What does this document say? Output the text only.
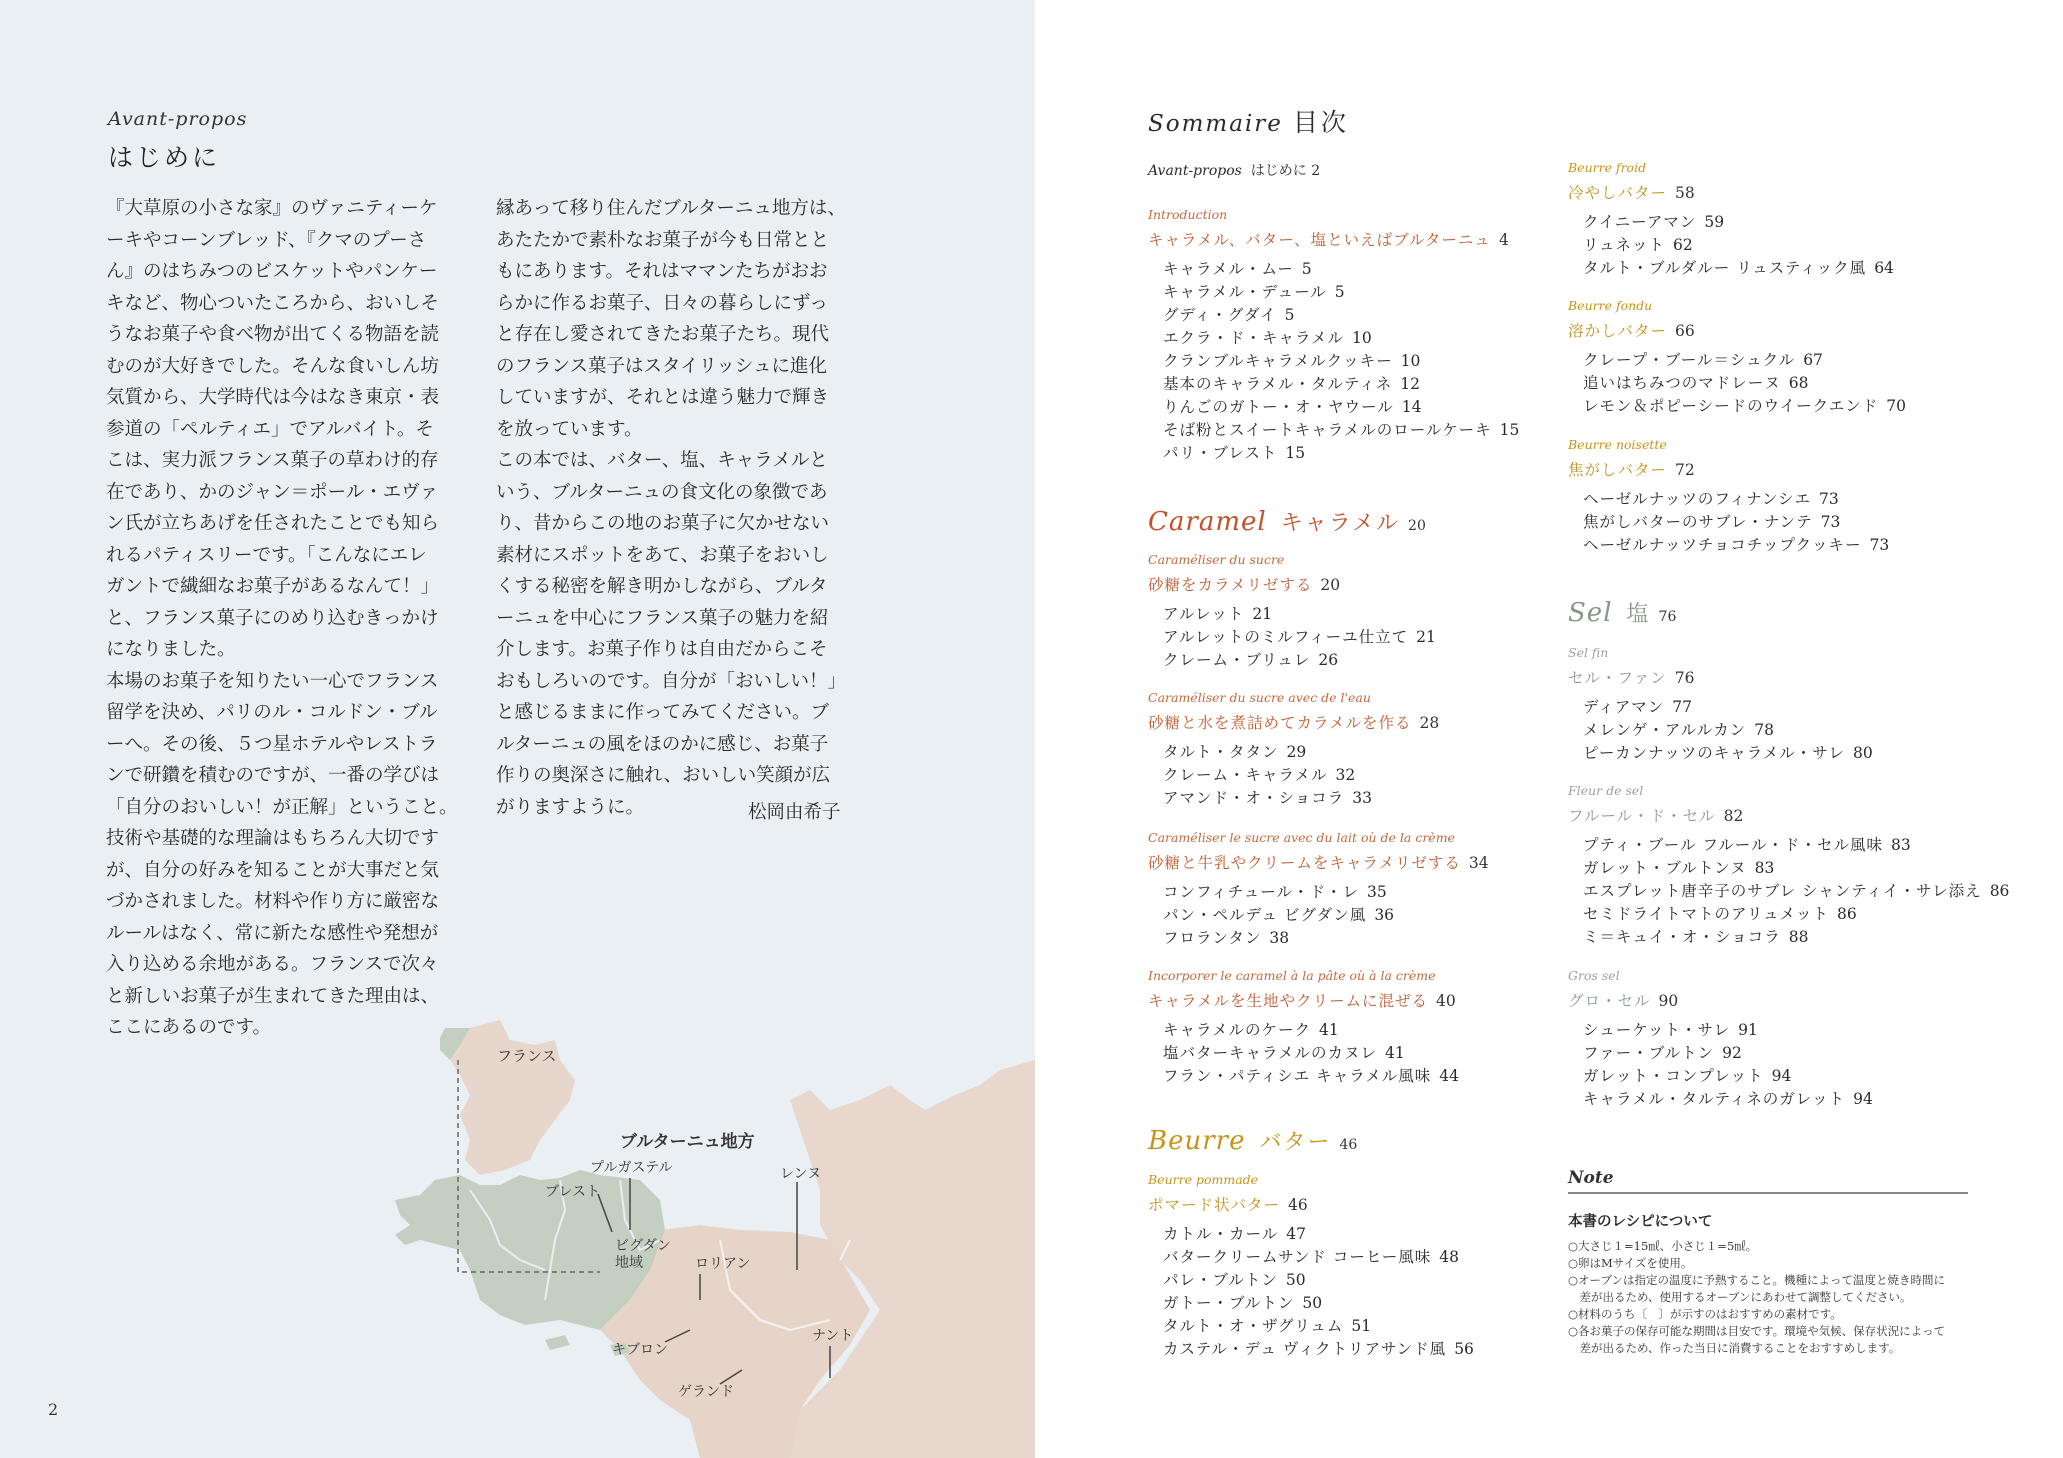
Avant-propos
はじめに
『大草原の小さな家』のヴァニティーケ
ーキやコーンブレッド、『クマのプーさ
ん』のはちみつのビスケットやパンケー
キなど、物心ついたころから、おいしそ
うなお菓子や食べ物が出てくる物語を読
むのが大好きでした。そんな食いしん坊
気質から、大学時代は今はなき東京・表
参道の「ペルティエ」でアルバイト。そ
こは、実力派フランス菓子の草わけ的存
在であり、かのジャン＝ポール・エヴァ
ン氏が立ちあげを任されたことでも知ら
れるパティスリーです。「こんなにエレ
ガントで繊細なお菓子があるなんて！」
と、フランス菓子にのめり込むきっかけ
になりました。
本場のお菓子を知りたい一心でフランス
留学を決め、パリのル・コルドン・ブル
ーへ。その後、５つ星ホテルやレストラ
ンで研鑽を積むのですが、一番の学びは
「自分のおいしい！が正解」ということ。
技術や基礎的な理論はもちろん大切です
が、自分の好みを知ることが大事だと気
づかされました。材料や作り方に厳密な
ルールはなく、常に新たな感性や発想が
入り込める余地がある。フランスで次々
と新しいお菓子が生まれてきた理由は、
ここにあるのです。
縁あって移り住んだブルターニュ地方は、
あたたかで素朴なお菓子が今も日常とと
もにあります。それはママンたちがおお
らかに作るお菓子、日々の暮らしにずっ
と存在し愛されてきたお菓子たち。現代
のフランス菓子はスタイリッシュに進化
していますが、それとは違う魅力で輝き
を放っています。
この本では、バター、塩、キャラメルと
いう、ブルターニュの食文化の象徴であ
り、昔からこの地のお菓子に欠かせない
素材にスポットをあて、お菓子をおいし
くする秘密を解き明かしながら、ブルタ
ーニュを中心にフランス菓子の魅力を紹
介します。お菓子作りは自由だからこそ
おもしろいのです。自分が「おいしい！」
と感じるままに作ってみてください。ブ
ルターニュの風をほのかに感じ、お菓子
作りの奥深さに触れ、おいしい笑顔が広
がりますように。	松岡由希子
フランス
ブルターニュ地方
プルガステル
ブレスト
ビグダン
地域	ロリアン
レンヌ
キブロン
ナント
ゲランド
2
Sommaire 目次
Avant-propos はじめに 2
Introduction
キャラメル、バター、塩といえばブルターニュ 4
Caramel キャラメル 20
Beurre バター 46
Sel 塩 76
キャラメル・ムー 5
キャラメル・デュール 5
グディ・グダイ 5
エクラ・ド・キャラメル 10
クランブルキャラメルクッキー 10
基本のキャラメル・タルティネ 12
りんごのガトー・オ・ヤウール 14
そば粉とスイートキャラメルのロールケーキ 15
パリ・ブレスト 15
Caraméliser du sucre
砂糖をカラメリゼする 20
アルレット 21
アルレットのミルフィーユ仕立て 21
クレーム・ブリュレ 26
Caraméliser du sucre avec de l'eau
砂糖と水を煮詰めてカラメルを作る 28
タルト・タタン 29
クレーム・キャラメル 32
アマンド・オ・ショコラ 33
Caraméliser le sucre avec du lait où de la crème
砂糖と牛乳やクリームをキャラメリゼする 34
コンフィチュール・ド・レ 35
パン・ペルデュ ビグダン風 36
フロランタン 38
Incorporer le caramel à la pâte où à la crème
キャラメルを生地やクリームに混ぜる 40
キャラメルのケーク 41
塩バターキャラメルのカヌレ 41
フラン・パティシエ キャラメル風味 44
Beurre pommade
ポマード状バター 46
カトル・カール 47
バタークリームサンド コーヒー風味 48
パレ・ブルトン 50
ガトー・ブルトン 50
タルト・オ・ザグリュム 51
カステル・デュ ヴィクトリアサンド風 56
Beurre froid
冷やしバター 58
クイニーアマン 59
リュネット 62
タルト・ブルダルー リュスティック風 64
Beurre fondu
溶かしバター 66
クレープ・ブール＝シュクル 67
追いはちみつのマドレーヌ 68
レモン＆ポピーシードのウイークエンド 70
Beurre noisette
焦がしバター 72
ヘーゼルナッツのフィナンシエ 73
焦がしバターのサブレ・ナンテ 73
ヘーゼルナッツチョコチップクッキー 73
Sel fin
セル・ファン 76
ディアマン 77
メレンゲ・アルルカン 78
ピーカンナッツのキャラメル・サレ 80
Fleur de sel
フルール・ド・セル 82
プティ・ブール フルール・ド・セル風味 83
ガレット・ブルトンヌ 83
エスプレット唐辛子のサブレ シャンティイ・サレ添え 86
セミドライトマトのアリュメット 86
ミ＝キュイ・オ・ショコラ 88
Gros sel
グロ・セル 90
シューケット・サレ 91
ファー・ブルトン 92
ガレット・コンプレット 94
キャラメル・タルティネのガレット 94
Note
本書のレシピについて
○大さじ１=15㎖、小さじ１=5㎖。
○卵はMサイズを使用。
○オーブンは指定の温度に予熱すること。機種によって温度と焼き時間に
　差が出るため、使用するオーブンにあわせて調整してください。
○材料のうち〔　〕が示すのはおすすめの素材です。
○各お菓子の保存可能な期間は目安です。環境や気候、保存状況によって
　差が出るため、作った当日に消費することをおすすめします。
